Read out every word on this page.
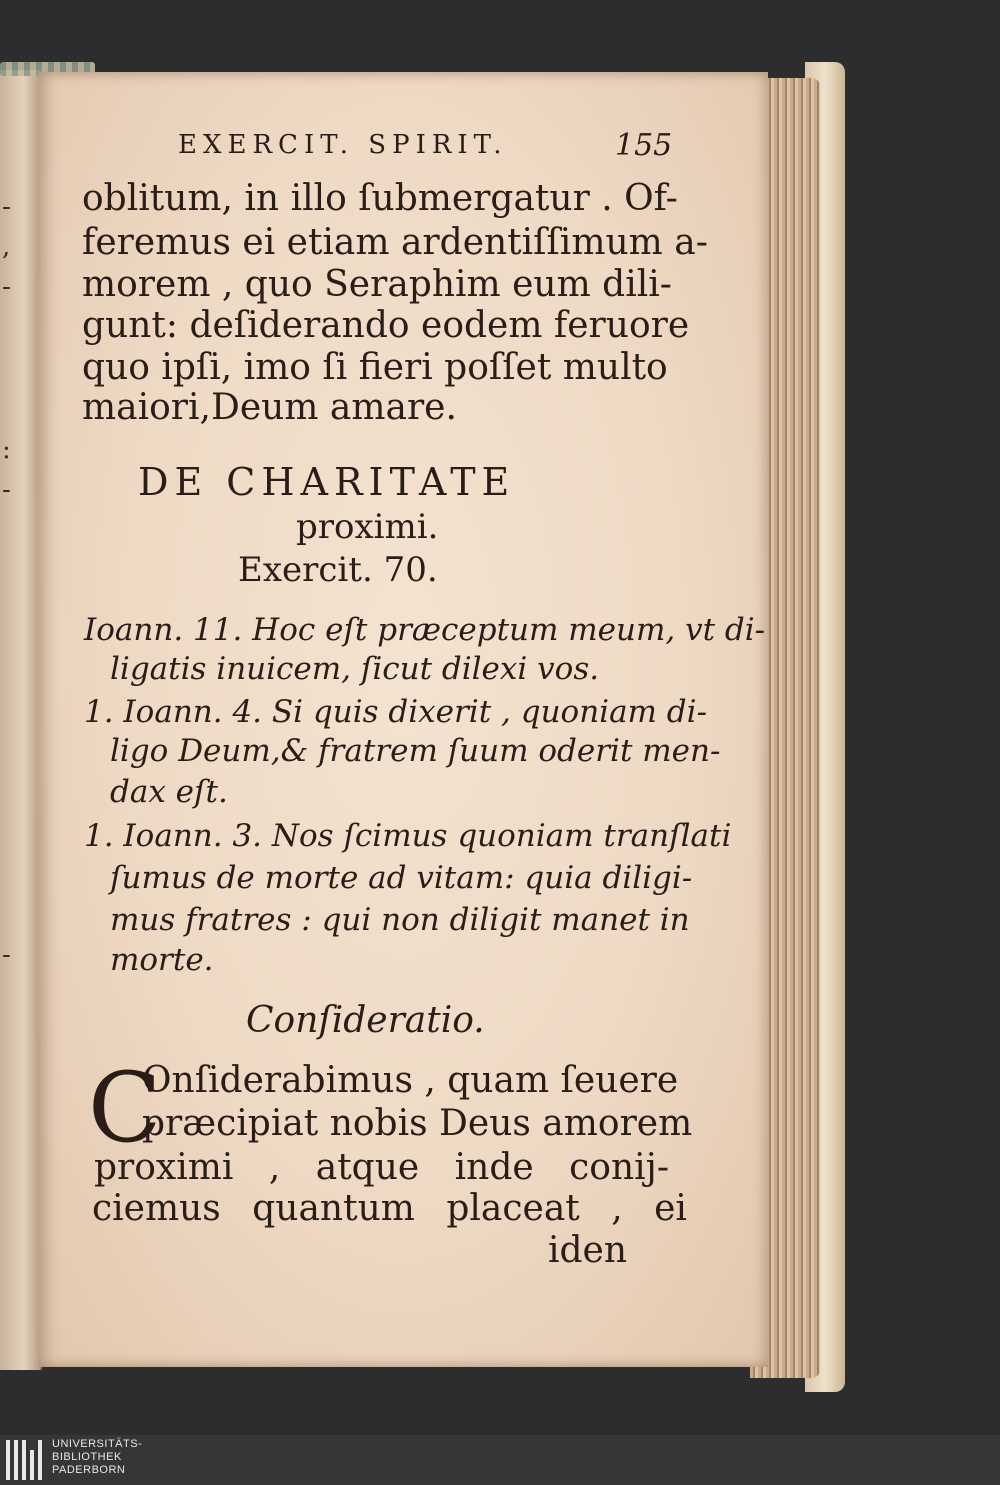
-
,
-
:
-
-
EXERCIT. SPIRIT.	155
oblitum, in illo ſubmergatur . Of-
feremus ei etiam ardentiſſimum a-
morem , quo Seraphim eum dili-
gunt: deſiderando eodem feruore
quo ipſi, imo ſi fieri poſſet multo
maiori,Deum amare.
DE CHARITATE
proximi.
Exercit. 70.
Ioann. 11. Hoc eſt præceptum meum, vt di-
ligatis inuicem, ſicut dilexi vos.
1. Ioann. 4. Si quis dixerit , quoniam di-
ligo Deum,& fratrem ſuum oderit men-
dax eſt.
1. Ioann. 3. Nos ſcimus quoniam tranſlati
ſumus de morte ad vitam: quia diligi-
mus fratres : qui non diligit manet in
morte.
Conſideratio.
C
Onſiderabimus , quam ſeuere
præcipiat nobis Deus amorem
proximi , atque inde conij-
ciemus quantum placeat , ei
iden
UNIVERSITÄTS-
BIBLIOTHEK
PADERBORN
